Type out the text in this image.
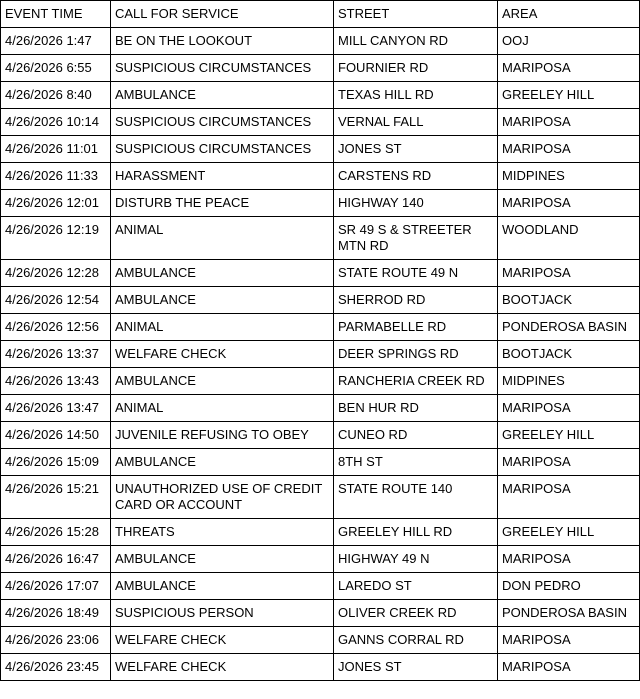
EVENT TIME	CALL FOR SERVICE	STREET	AREA
4/26/2026 1:47	BE ON THE LOOKOUT	MILL CANYON RD	OOJ
4/26/2026 6:55	SUSPICIOUS CIRCUMSTANCES	FOURNIER RD	MARIPOSA
4/26/2026 8:40	AMBULANCE	TEXAS HILL RD	GREELEY HILL
4/26/2026 10:14	SUSPICIOUS CIRCUMSTANCES	VERNAL FALL	MARIPOSA
4/26/2026 11:01	SUSPICIOUS CIRCUMSTANCES	JONES ST	MARIPOSA
4/26/2026 11:33	HARASSMENT	CARSTENS RD	MIDPINES
4/26/2026 12:01	DISTURB THE PEACE	HIGHWAY 140	MARIPOSA
4/26/2026 12:19	ANIMAL	SR 49 S & STREETER MTN RD	WOODLAND
4/26/2026 12:28	AMBULANCE	STATE ROUTE 49 N	MARIPOSA
4/26/2026 12:54	AMBULANCE	SHERROD RD	BOOTJACK
4/26/2026 12:56	ANIMAL	PARMABELLE RD	PONDEROSA BASIN
4/26/2026 13:37	WELFARE CHECK	DEER SPRINGS RD	BOOTJACK
4/26/2026 13:43	AMBULANCE	RANCHERIA CREEK RD	MIDPINES
4/26/2026 13:47	ANIMAL	BEN HUR RD	MARIPOSA
4/26/2026 14:50	JUVENILE REFUSING TO OBEY	CUNEO RD	GREELEY HILL
4/26/2026 15:09	AMBULANCE	8TH ST	MARIPOSA
4/26/2026 15:21	UNAUTHORIZED USE OF CREDIT CARD OR ACCOUNT	STATE ROUTE 140	MARIPOSA
4/26/2026 15:28	THREATS	GREELEY HILL RD	GREELEY HILL
4/26/2026 16:47	AMBULANCE	HIGHWAY 49 N	MARIPOSA
4/26/2026 17:07	AMBULANCE	LAREDO ST	DON PEDRO
4/26/2026 18:49	SUSPICIOUS PERSON	OLIVER CREEK RD	PONDEROSA BASIN
4/26/2026 23:06	WELFARE CHECK	GANNS CORRAL RD	MARIPOSA
4/26/2026 23:45	WELFARE CHECK	JONES ST	MARIPOSA
